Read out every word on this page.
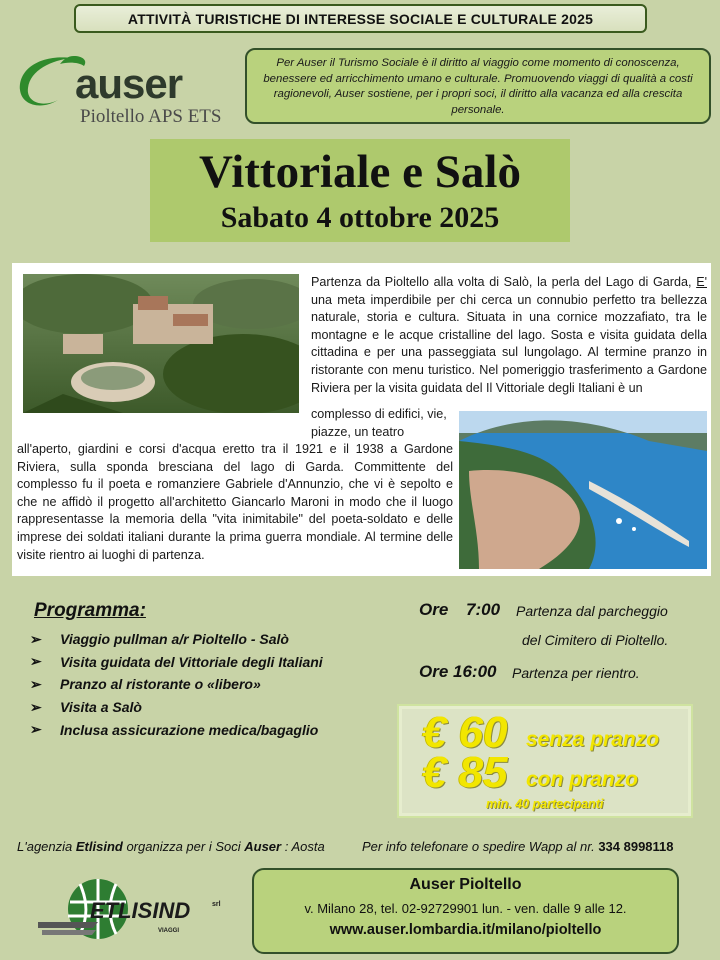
ATTIVITÀ TURISTICHE DI INTERESSE SOCIALE E CULTURALE 2025
auser
Pioltello APS ETS
Per Auser il Turismo Sociale è il diritto al viaggio come momento di conoscenza, benessere ed arricchimento umano e culturale. Promuovendo viaggi di qualità a costi ragionevoli, Auser sostiene, per i propri soci, il diritto alla vacanza ed alla crescita personale.
Vittoriale e Salò
Sabato 4 ottobre 2025
Partenza da Pioltello alla volta di Salò, la perla del Lago di Garda, E' una meta imperdibile per chi cerca un connubio perfetto tra bellezza naturale, storia e cultura. Situata in una cornice mozzafiato, tra le montagne e le acque cristalline del lago. Sosta e visita guidata della cittadina e per una passeggiata sul lungolago. Al termine pranzo in ristorante con menu turistico. Nel pomeriggio trasferimento a Gardone Riviera per la visita guidata del Il Vittoriale degli Italiani è un
complesso di edifici, vie, piazze, un teatro
all'aperto, giardini e corsi d'acqua eretto tra il 1921 e il 1938 a Gardone Riviera, sulla sponda bresciana del lago di Garda. Committente del complesso fu il poeta e romanziere Gabriele d'Annunzio, che vi è sepolto e che ne affidò il progetto all'architetto Giancarlo Maroni in modo che il luogo rappresentasse la memoria della "vita inimitabile" del poeta-soldato e delle imprese dei soldati italiani durante la prima guerra mondiale. Al termine delle visite rientro ai luoghi di partenza.
Programma:
➢	Viaggio pullman a/r Pioltello - Salò
➢	Visita guidata del Vittoriale degli Italiani
➢	Pranzo al ristorante o «libero»
➢	Visita a Salò
➢	Inclusa assicurazione medica/bagaglio
Ore 7:00 Partenza dal parcheggio
del Cimitero di Pioltello.
Ore 16:00 Partenza per rientro.
€ 60 senza pranzo
€ 85 con pranzo
min. 40 partecipanti
L'agenzia Etlisind organizza per i Soci Auser : Aosta	Per info telefonare o spedire Wapp al nr. 334 8998118
ETLISIND	srl
VIAGGI
Auser Pioltello
v. Milano 28, tel. 02-92729901 lun. - ven. dalle 9 alle 12.
www.auser.lombardia.it/milano/pioltello
